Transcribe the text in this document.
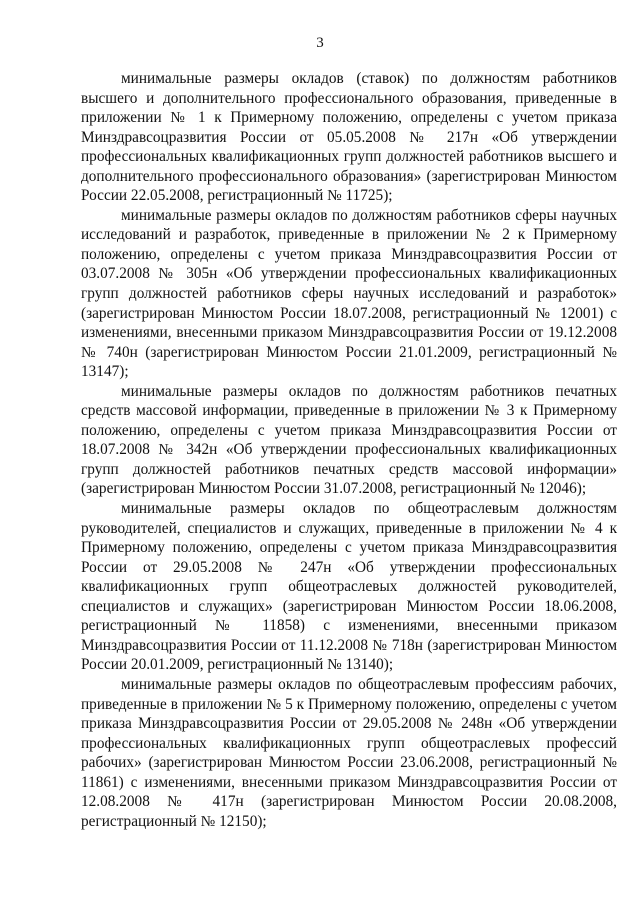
3

минимальные размеры окладов (ставок) по должностям работников высшего и дополнительного профессионального образования, приведенные в приложении № 1 к Примерному положению, определены с учетом приказа Минздравсоцразвития России от 05.05.2008 № 217н «Об утверждении профессиональных квалификационных групп должностей работников высшего и дополнительного профессионального образования» (зарегистрирован Минюстом России 22.05.2008, регистрационный № 11725);

минимальные размеры окладов по должностям работников сферы научных исследований и разработок, приведенные в приложении № 2 к Примерному положению, определены с учетом приказа Минздравсоцразвития России от 03.07.2008 № 305н «Об утверждении профессиональных квалификационных групп должностей работников сферы научных исследований и разработок» (зарегистрирован Минюстом России 18.07.2008, регистрационный № 12001) с изменениями, внесенными приказом Минздравсоцразвития России от 19.12.2008 № 740н (зарегистрирован Минюстом России 21.01.2009, регистрационный № 13147);

минимальные размеры окладов по должностям работников печатных средств массовой информации, приведенные в приложении № 3 к Примерному положению, определены с учетом приказа Минздравсоцразвития России от 18.07.2008 № 342н «Об утверждении профессиональных квалификационных групп должностей работников печатных средств массовой информации» (зарегистрирован Минюстом России 31.07.2008, регистрационный № 12046);

минимальные размеры окладов по общеотраслевым должностям руководителей, специалистов и служащих, приведенные в приложении № 4 к Примерному положению, определены с учетом приказа Минздравсоцразвития России от 29.05.2008 № 247н «Об утверждении профессиональных квалификационных групп общеотраслевых должностей руководителей, специалистов и служащих» (зарегистрирован Минюстом России 18.06.2008, регистрационный № 11858) с изменениями, внесенными приказом Минздравсоцразвития России от 11.12.2008 № 718н (зарегистрирован Минюстом России 20.01.2009, регистрационный № 13140);

минимальные размеры окладов по общеотраслевым профессиям рабочих, приведенные в приложении № 5 к Примерному положению, определены с учетом приказа Минздравсоцразвития России от 29.05.2008 № 248н «Об утверждении профессиональных квалификационных групп общеотраслевых профессий рабочих» (зарегистрирован Минюстом России 23.06.2008, регистрационный № 11861) с изменениями, внесенными приказом Минздравсоцразвития России от 12.08.2008 № 417н (зарегистрирован Минюстом России 20.08.2008, регистрационный № 12150);
